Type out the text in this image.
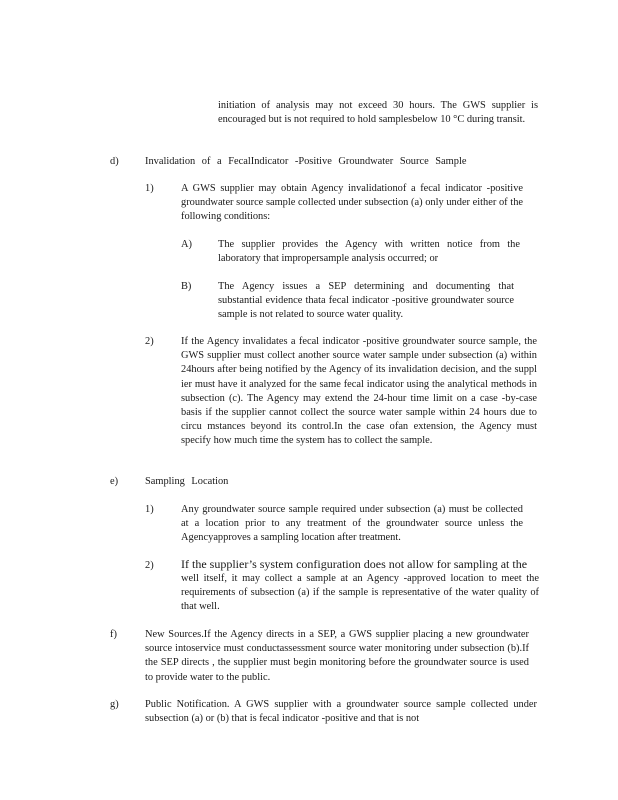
initiation of analysis may not exceed 30 hours. The GWS supplier is encouraged but is not required to hold samplesbelow 10 °C during transit.

d)	Invalidation of a FecalIndicator -Positive Groundwater Source Sample
1)	A GWS supplier may obtain Agency invalidationof a fecal indicator -positive groundwater source sample collected under subsection (a) only under either of the following conditions:

A)	The supplier provides the Agency with written notice from the laboratory that impropersample analysis occurred; or

B)	The Agency issues a SEP determining and documenting that substantial evidence thata fecal indicator -positive groundwater source sample is not related to source water quality.

2)	If the Agency invalidates a fecal indicator -positive groundwater source sample, the GWS supplier must collect another source water sample under subsection (a) within 24hours after being notified by the Agency of its invalidation decision, and the suppl ier must have it analyzed for the same fecal indicator using the analytical methods in subsection (c). The Agency may extend the 24-hour time limit on a case -by-case basis if the supplier cannot collect the source water sample within 24 hours due to circu mstances beyond its control.In the case ofan extension, the Agency must specify how much time the system has to collect the sample.

e)	Sampling Location
1)	Any groundwater source sample required under subsection (a) must be collected at a location prior to any treatment of the groundwater source unless the Agencyapproves a sampling location after treatment.

2) If the supplier’s system configuration does not allow for sampling at the

well itself, it may collect a sample at an Agency -approved location to meet the requirements of subsection (a) if the sample is representative of the water quality of that well.

f)	New Sources.If the Agency directs in a SEP, a GWS supplier placing a new groundwater source intoservice must conductassessment source water monitoring under subsection (b).If the SEP directs , the supplier must begin monitoring before the groundwater source is used to provide water to the public.

g)	Public Notification. A GWS supplier with a groundwater source sample collected under subsection (a) or (b) that is fecal indicator -positive and that is not
